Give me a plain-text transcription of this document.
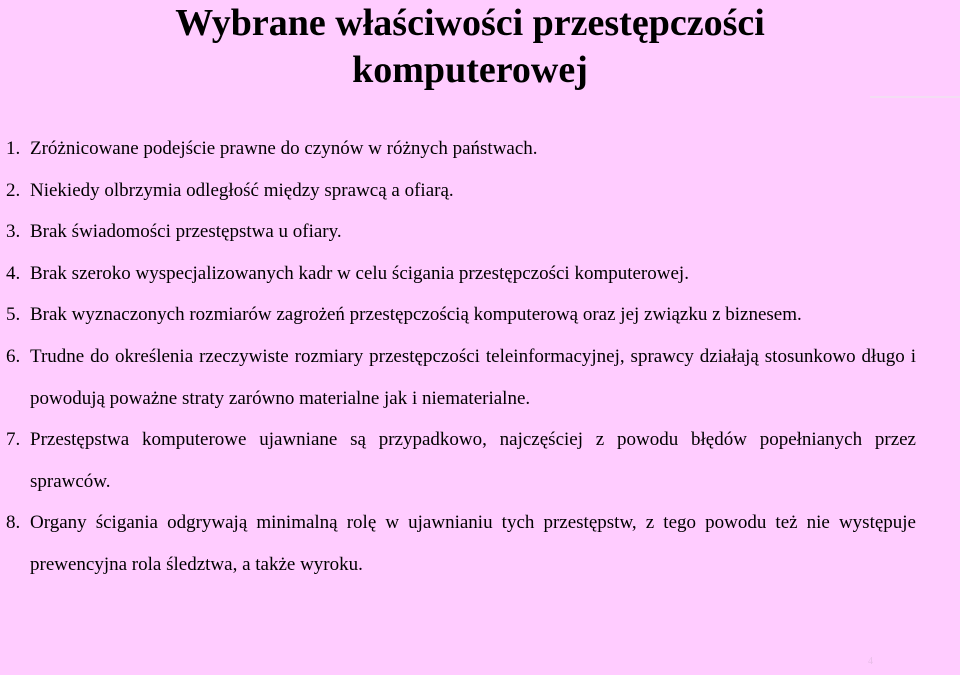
Wybrane właściwości przestępczości
komputerowej
1. Zróżnicowane podejście prawne do czynów w różnych państwach.
2. Niekiedy olbrzymia odległość między sprawcą a ofiarą.
3. Brak świadomości przestępstwa u ofiary.
4. Brak szeroko wyspecjalizowanych kadr w celu ścigania przestępczości komputerowej.
5. Brak wyznaczonych rozmiarów zagrożeń przestępczością komputerową oraz jej związku z biznesem.
6. Trudne do określenia rzeczywiste rozmiary przestępczości teleinformacyjnej, sprawcy działają stosunkowo długo i powodują poważne straty zarówno materialne jak i niematerialne.
7. Przestępstwa komputerowe ujawniane są przypadkowo, najczęściej z powodu błędów popełnianych przez sprawców.
8. Organy ścigania odgrywają minimalną rolę w ujawnianiu tych przestępstw, z tego powodu też nie występuje prewencyjna rola śledztwa, a także wyroku.
4
